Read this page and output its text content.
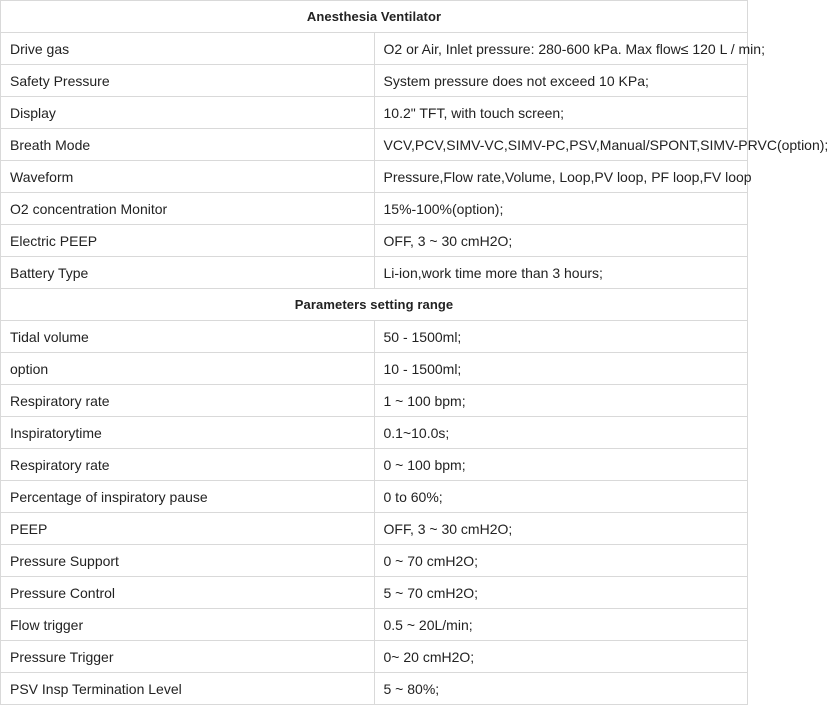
Anesthesia Ventilator	
Drive gas	O2 or Air, Inlet pressure: 280-600 kPa. Max flow≤ 120 L / min;
Safety Pressure	System pressure does not exceed 10 KPa;
Display	10.2" TFT, with touch screen;
Breath Mode	VCV,PCV,SIMV-VC,SIMV-PC,PSV,Manual/SPONT,SIMV-PRVC(option);
Waveform	Pressure,Flow rate,Volume, Loop,PV loop, PF loop,FV loop
O2 concentration Monitor	15%-100%(option);
Electric PEEP	OFF, 3 ~ 30 cmH2O;
Battery Type	Li-ion,work time more than 3 hours;
Parameters setting range	
Tidal volume	50 - 1500ml;
option	10 - 1500ml;
Respiratory rate	1 ~ 100 bpm;
Inspiratorytime	0.1~10.0s;
Respiratory rate	0 ~ 100 bpm;
Percentage of inspiratory pause	0 to 60%;
PEEP	OFF, 3 ~ 30 cmH2O;
Pressure Support	0 ~ 70 cmH2O;
Pressure Control	5 ~ 70 cmH2O;
Flow trigger	0.5 ~ 20L/min;
Pressure Trigger	0~ 20 cmH2O;
PSV Insp Termination Level	5 ~ 80%;
